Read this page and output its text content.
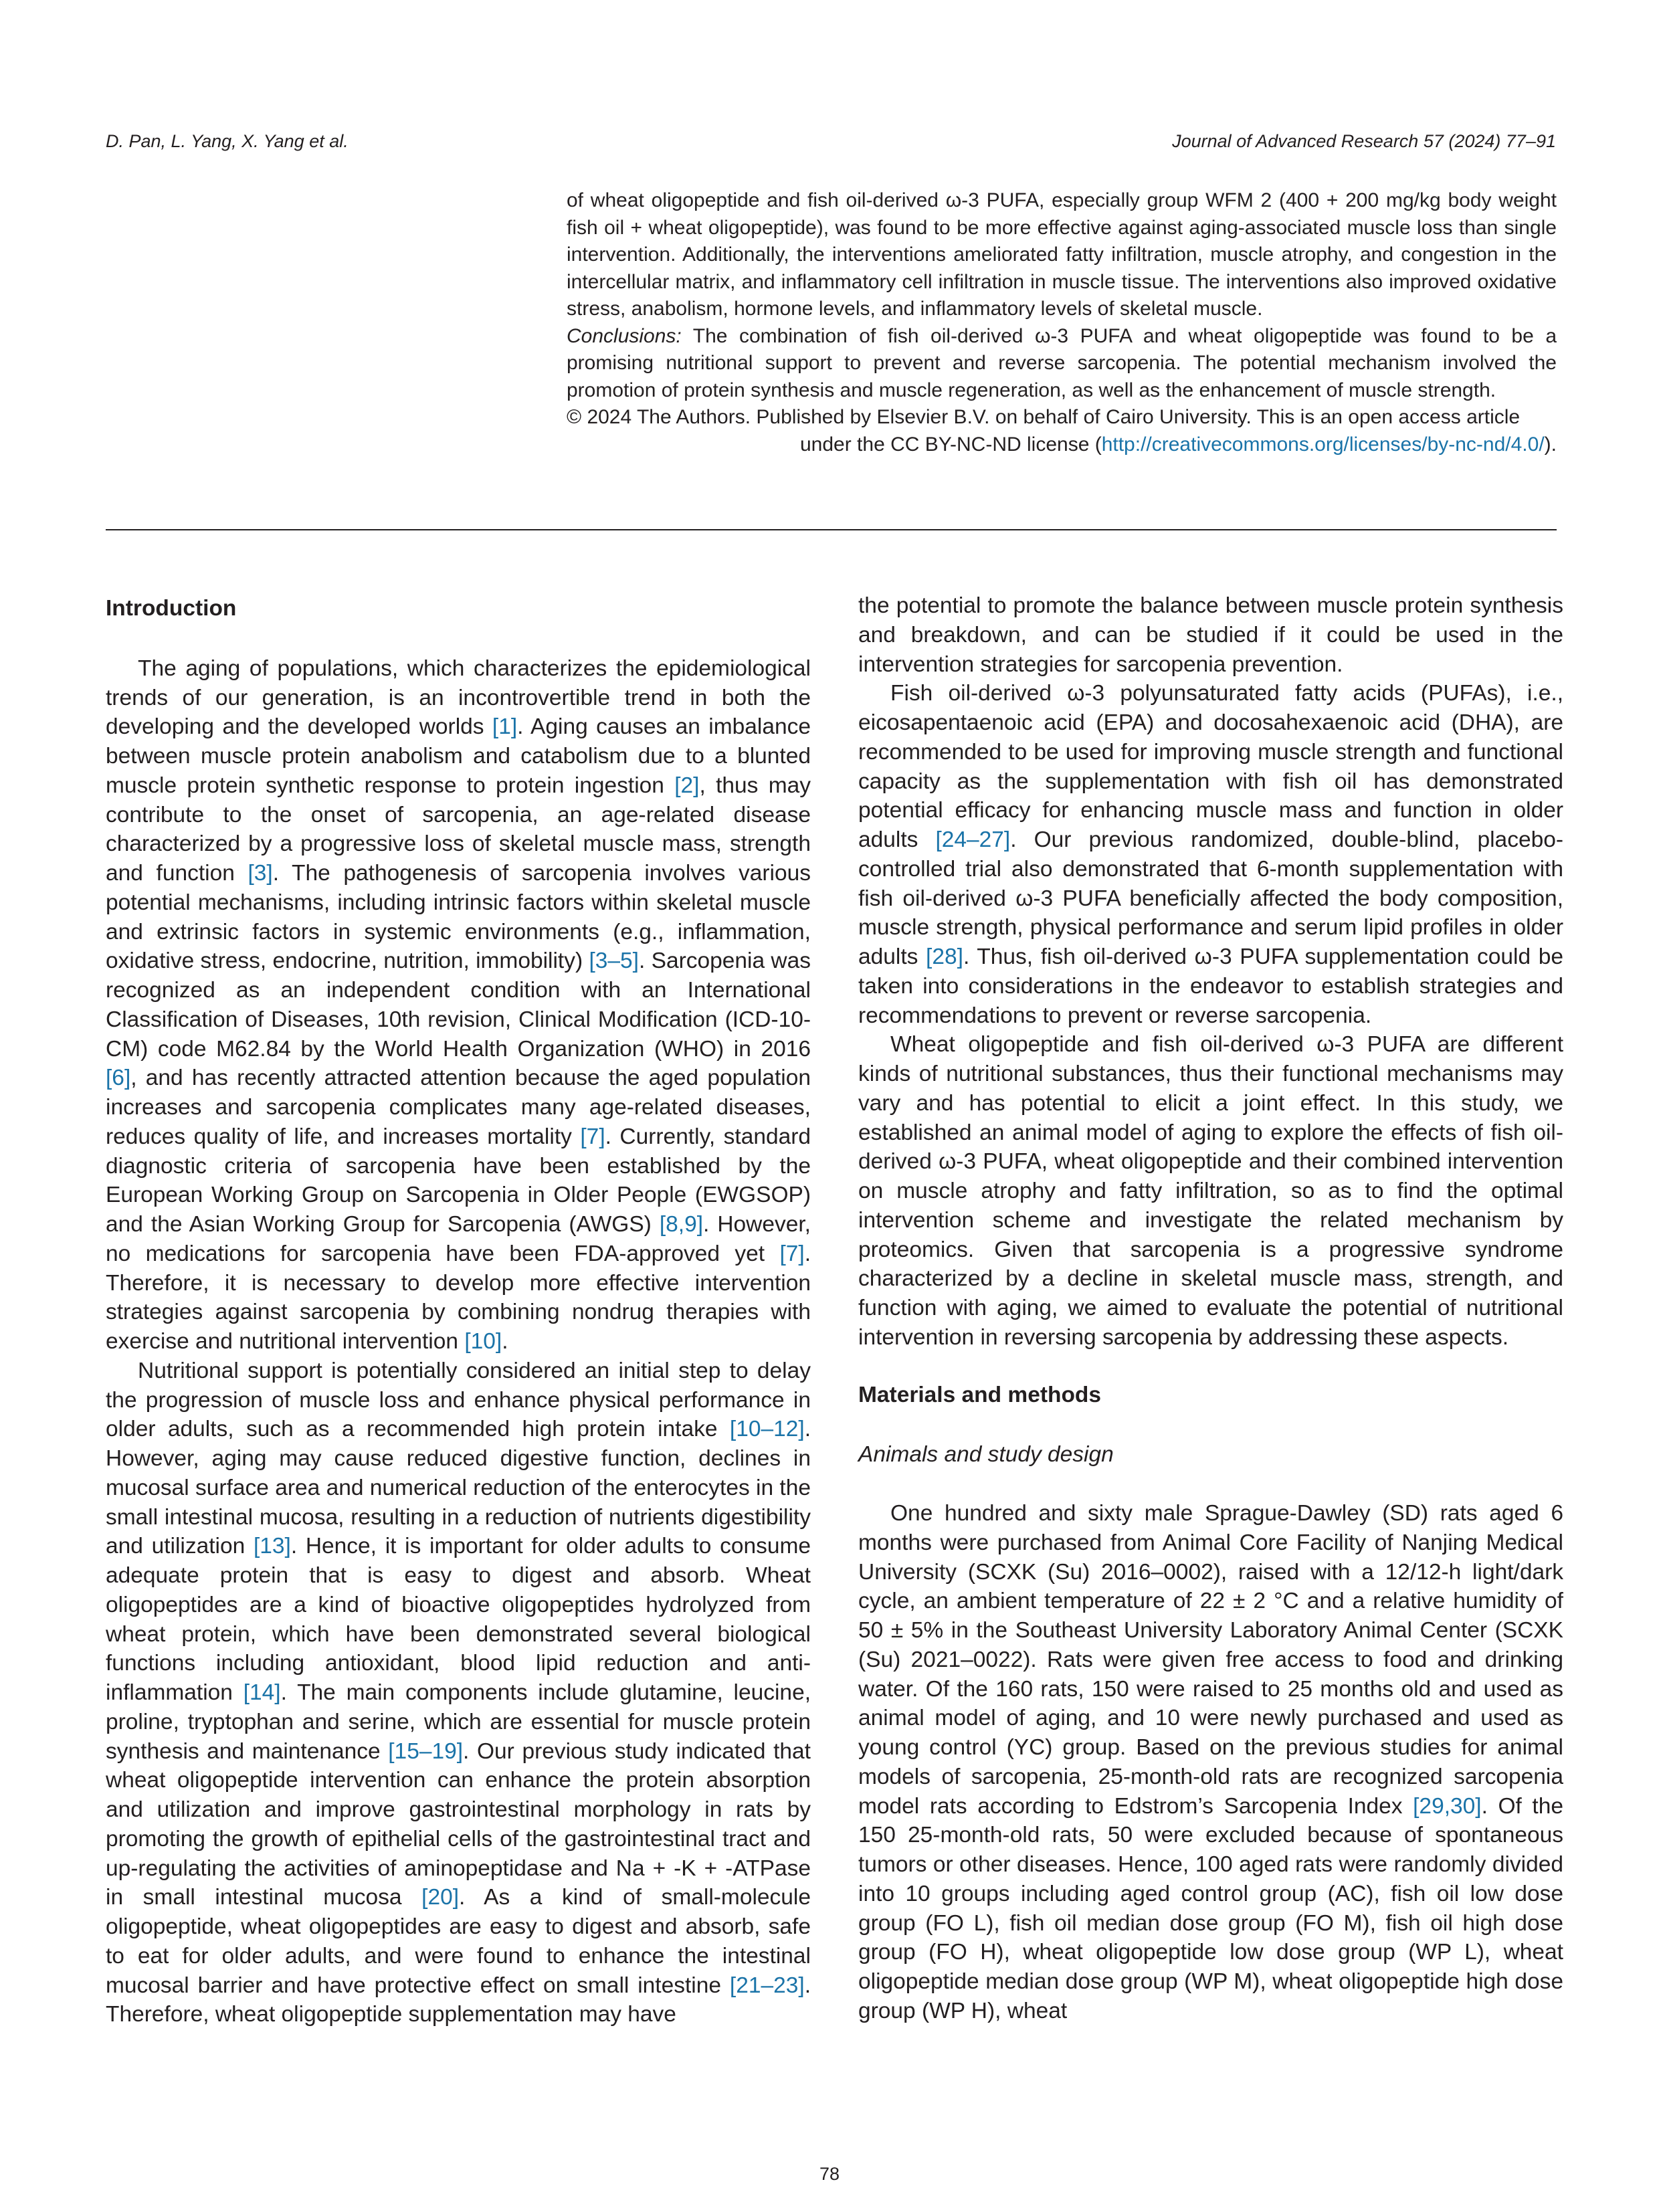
D. Pan, L. Yang, X. Yang et al.	Journal of Advanced Research 57 (2024) 77–91

of wheat oligopeptide and fish oil-derived ω-3 PUFA, especially group WFM 2 (400 + 200 mg/kg body weight fish oil + wheat oligopeptide), was found to be more effective against aging-associated muscle loss than single intervention. Additionally, the interventions ameliorated fatty infiltration, muscle atrophy, and congestion in the intercellular matrix, and inflammatory cell infiltration in muscle tissue. The interventions also improved oxidative stress, anabolism, hormone levels, and inflammatory levels of skeletal muscle.

Conclusions: The combination of fish oil-derived ω-3 PUFA and wheat oligopeptide was found to be a promising nutritional support to prevent and reverse sarcopenia. The potential mechanism involved the promotion of protein synthesis and muscle regeneration, as well as the enhancement of muscle strength.

© 2024 The Authors. Published by Elsevier B.V. on behalf of Cairo University. This is an open access article

under the CC BY-NC-ND license (http://creativecommons.org/licenses/by-nc-nd/4.0/).

Introduction

The aging of populations, which characterizes the epidemiological trends of our generation, is an incontrovertible trend in both the developing and the developed worlds [1]. Aging causes an imbalance between muscle protein anabolism and catabolism due to a blunted muscle protein synthetic response to protein ingestion [2], thus may contribute to the onset of sarcopenia, an age-related disease characterized by a progressive loss of skeletal muscle mass, strength and function [3]. The pathogenesis of sarcopenia involves various potential mechanisms, including intrinsic factors within skeletal muscle and extrinsic factors in systemic environments (e.g., inflammation, oxidative stress, endocrine, nutrition, immobility) [3–5]. Sarcopenia was recognized as an independent condition with an International Classification of Diseases, 10th revision, Clinical Modification (ICD-10-CM) code M62.84 by the World Health Organization (WHO) in 2016 [6], and has recently attracted attention because the aged population increases and sarcopenia complicates many age-related diseases, reduces quality of life, and increases mortality [7]. Currently, standard diagnostic criteria of sarcopenia have been established by the European Working Group on Sarcopenia in Older People (EWGSOP) and the Asian Working Group for Sarcopenia (AWGS) [8,9]. However, no medications for sarcopenia have been FDA-approved yet [7]. Therefore, it is necessary to develop more effective intervention strategies against sarcopenia by combining nondrug therapies with exercise and nutritional intervention [10].

Nutritional support is potentially considered an initial step to delay the progression of muscle loss and enhance physical performance in older adults, such as a recommended high protein intake [10–12]. However, aging may cause reduced digestive function, declines in mucosal surface area and numerical reduction of the enterocytes in the small intestinal mucosa, resulting in a reduction of nutrients digestibility and utilization [13]. Hence, it is important for older adults to consume adequate protein that is easy to digest and absorb. Wheat oligopeptides are a kind of bioactive oligopeptides hydrolyzed from wheat protein, which have been demonstrated several biological functions including antioxidant, blood lipid reduction and anti-inflammation [14]. The main components include glutamine, leucine, proline, tryptophan and serine, which are essential for muscle protein synthesis and maintenance [15–19]. Our previous study indicated that wheat oligopeptide intervention can enhance the protein absorption and utilization and improve gastrointestinal morphology in rats by promoting the growth of epithelial cells of the gastrointestinal tract and up-regulating the activities of aminopeptidase and Na + -K + -ATPase in small intestinal mucosa [20]. As a kind of small-molecule oligopeptide, wheat oligopeptides are easy to digest and absorb, safe to eat for older adults, and were found to enhance the intestinal mucosal barrier and have protective effect on small intestine [21–23]. Therefore, wheat oligopeptide supplementation may have

the potential to promote the balance between muscle protein synthesis and breakdown, and can be studied if it could be used in the intervention strategies for sarcopenia prevention.

Fish oil-derived ω-3 polyunsaturated fatty acids (PUFAs), i.e., eicosapentaenoic acid (EPA) and docosahexaenoic acid (DHA), are recommended to be used for improving muscle strength and functional capacity as the supplementation with fish oil has demonstrated potential efficacy for enhancing muscle mass and function in older adults [24–27]. Our previous randomized, double-blind, placebo-controlled trial also demonstrated that 6-month supplementation with fish oil-derived ω-3 PUFA beneficially affected the body composition, muscle strength, physical performance and serum lipid profiles in older adults [28]. Thus, fish oil-derived ω-3 PUFA supplementation could be taken into considerations in the endeavor to establish strategies and recommendations to prevent or reverse sarcopenia.

Wheat oligopeptide and fish oil-derived ω-3 PUFA are different kinds of nutritional substances, thus their functional mechanisms may vary and has potential to elicit a joint effect. In this study, we established an animal model of aging to explore the effects of fish oil-derived ω-3 PUFA, wheat oligopeptide and their combined intervention on muscle atrophy and fatty infiltration, so as to find the optimal intervention scheme and investigate the related mechanism by proteomics. Given that sarcopenia is a progressive syndrome characterized by a decline in skeletal muscle mass, strength, and function with aging, we aimed to evaluate the potential of nutritional intervention in reversing sarcopenia by addressing these aspects.

Materials and methods
Animals and study design

One hundred and sixty male Sprague-Dawley (SD) rats aged 6 months were purchased from Animal Core Facility of Nanjing Medical University (SCXK (Su) 2016–0002), raised with a 12/12-h light/dark cycle, an ambient temperature of 22 ± 2 °C and a relative humidity of 50 ± 5% in the Southeast University Laboratory Animal Center (SCXK (Su) 2021–0022). Rats were given free access to food and drinking water. Of the 160 rats, 150 were raised to 25 months old and used as animal model of aging, and 10 were newly purchased and used as young control (YC) group. Based on the previous studies for animal models of sarcopenia, 25-month-old rats are recognized sarcopenia model rats according to Edstrom’s Sarcopenia Index [29,30]. Of the 150 25-month-old rats, 50 were excluded because of spontaneous tumors or other diseases. Hence, 100 aged rats were randomly divided into 10 groups including aged control group (AC), fish oil low dose group (FO L), fish oil median dose group (FO M), fish oil high dose group (FO H), wheat oligopeptide low dose group (WP L), wheat oligopeptide median dose group (WP M), wheat oligopeptide high dose group (WP H), wheat

78
